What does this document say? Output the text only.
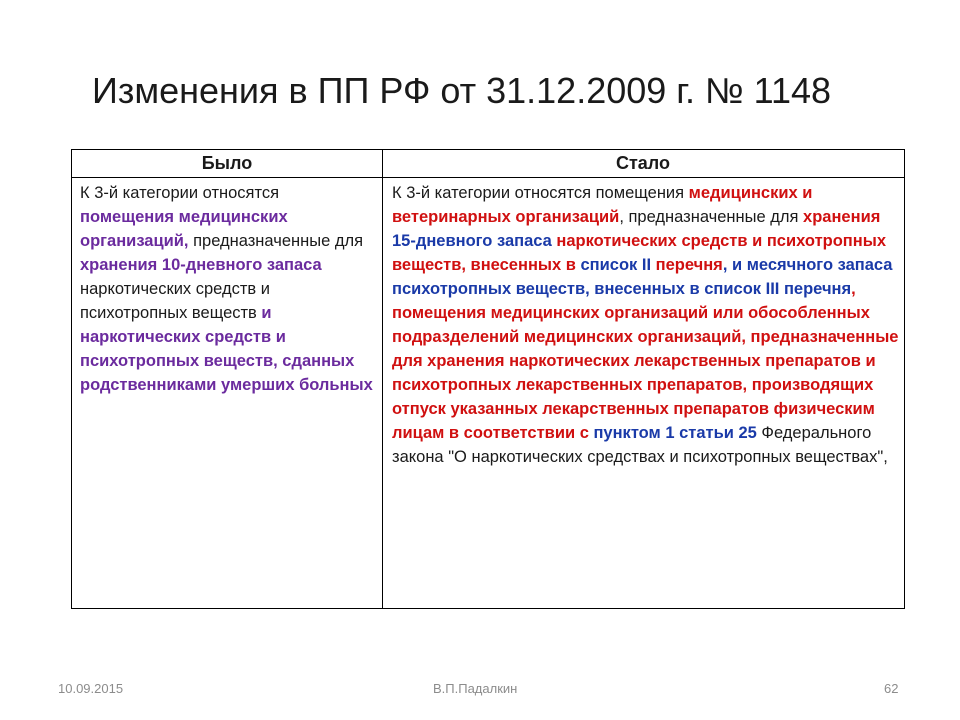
Изменения в ПП РФ от 31.12.2009 г. № 1148
Было	Стало
К 3-й категории относятся помещения медицинских организаций, предназначенные для хранения 10-дневного запаса наркотических средств и психотропных веществ и наркотических средств и психотропных веществ, сданных родственниками умерших больных
К 3-й категории относятся помещения медицинских и ветеринарных организаций, предназначенные для хранения 15-дневного запаса наркотических средств и психотропных веществ, внесенных в список II перечня, и месячного запаса психотропных веществ, внесенных в список III перечня, помещения медицинских организаций или обособленных подразделений медицинских организаций, предназначенные для хранения наркотических лекарственных препаратов и психотропных лекарственных препаратов, производящих отпуск указанных лекарственных препаратов физическим лицам в соответствии с пунктом 1 статьи 25 Федерального закона "О наркотических средствах и психотропных веществах",
10.09.2015	В.П.Падалкин	62
